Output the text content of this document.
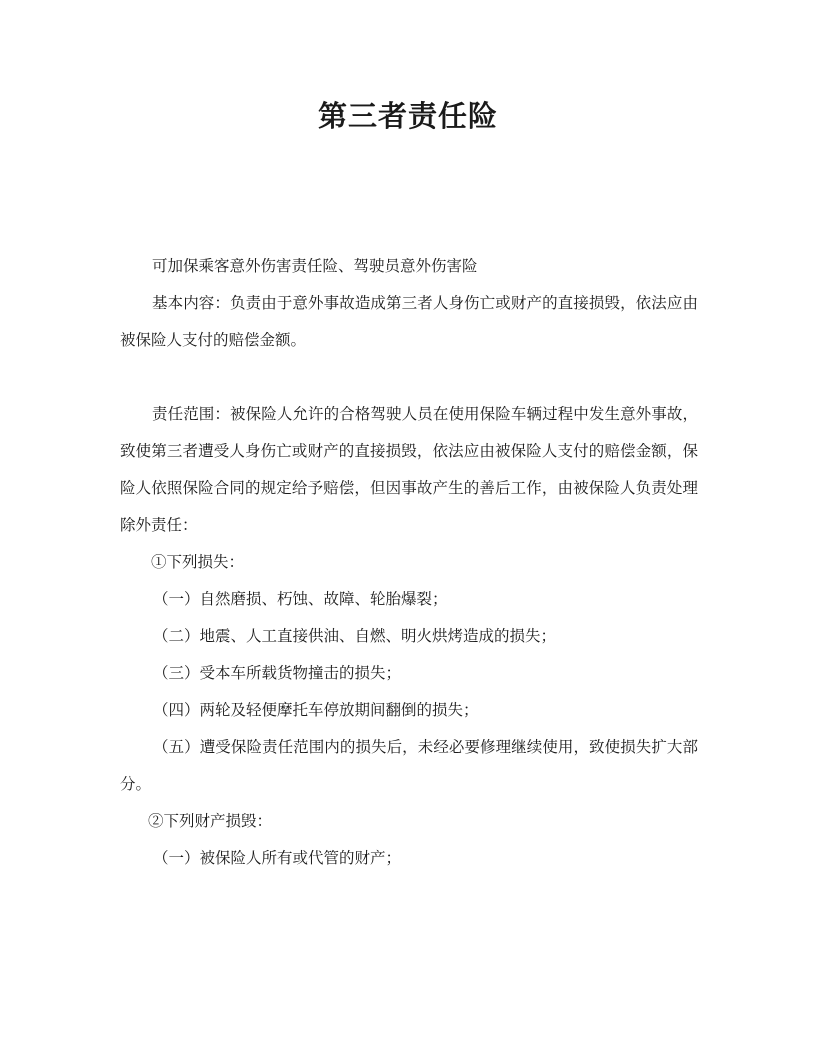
第三者责任险

可加保乘客意外伤害责任险、驾驶员意外伤害险

基本内容：负责由于意外事故造成第三者人身伤亡或财产的直接损毁，依法应由被保险人支付的赔偿金额。

责任范围：被保险人允许的合格驾驶人员在使用保险车辆过程中发生意外事故，致使第三者遭受人身伤亡或财产的直接损毁，依法应由被保险人支付的赔偿金额，保险人依照保险合同的规定给予赔偿，但因事故产生的善后工作，由被保险人负责处理除外责任：

①下列损失：

（一）自然磨损、朽蚀、故障、轮胎爆裂；

（二）地震、人工直接供油、自燃、明火烘烤造成的损失；

（三）受本车所载货物撞击的损失；

（四）两轮及轻便摩托车停放期间翻倒的损失；

（五）遭受保险责任范围内的损失后，未经必要修理继续使用，致使损失扩大部分。

②下列财产损毁：

（一）被保险人所有或代管的财产；
